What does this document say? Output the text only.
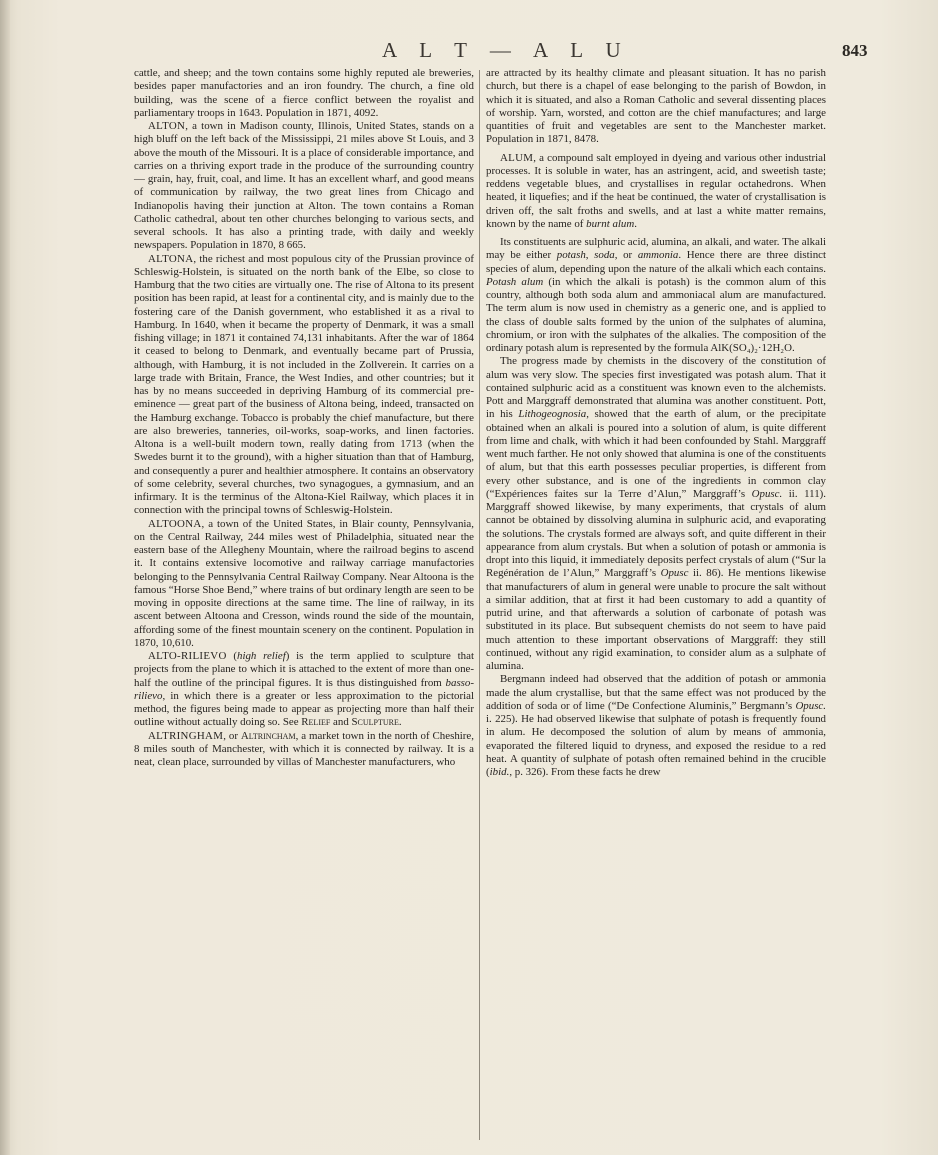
A L T — A L U	843

cattle, and sheep; and the town contains some highly reputed ale breweries, besides paper manufactories and an iron foundry. The church, a fine old building, was the scene of a fierce conflict between the royalist and parliamentary troops in 1643. Population in 1871, 4092.

ALTON, a town in Madison county, Illinois, United States, stands on a high bluff on the left back of the Mississippi, 21 miles above St Louis, and 3 above the mouth of the Missouri. It is a place of considerable importance, and carries on a thriving export trade in the produce of the surrounding country — grain, hay, fruit, coal, and lime. It has an excellent wharf, and good means of communication by railway, the two great lines from Chicago and Indianopolis having their junction at Alton. The town contains a Roman Catholic cathedral, about ten other churches belonging to various sects, and several schools. It has also a printing trade, with daily and weekly newspapers. Population in 1870, 8 665.

ALTONA, the richest and most populous city of the Prussian province of Schleswig-Holstein, is situated on the north bank of the Elbe, so close to Hamburg that the two cities are virtually one. The rise of Altona to its present position has been rapid, at least for a continental city, and is mainly due to the fostering care of the Danish government, who established it as a rival to Hamburg. In 1640, when it became the property of Denmark, it was a small fishing village; in 1871 it contained 74,131 inhabitants. After the war of 1864 it ceased to belong to Denmark, and eventually became part of Prussia, although, with Hamburg, it is not included in the Zollverein. It carries on a large trade with Britain, France, the West Indies, and other countries; but it has by no means succeeded in depriving Hamburg of its commercial pre-eminence — great part of the business of Altona being, indeed, transacted on the Hamburg exchange. Tobacco is probably the chief manufacture, but there are also breweries, tanneries, oil-works, soap-works, and linen factories. Altona is a well-built modern town, really dating from 1713 (when the Swedes burnt it to the ground), with a higher situation than that of Hamburg, and consequently a purer and healthier atmosphere. It contains an observatory of some celebrity, several churches, two synagogues, a gymnasium, and an infirmary. It is the terminus of the Altona-Kiel Railway, which places it in connection with the principal towns of Schleswig-Holstein.

ALTOONA, a town of the United States, in Blair county, Pennsylvania, on the Central Railway, 244 miles west of Philadelphia, situated near the eastern base of the Allegheny Mountain, where the railroad begins to ascend it. It contains extensive locomotive and railway carriage manufactories belonging to the Pennsylvania Central Railway Company. Near Altoona is the famous “Horse Shoe Bend,” where trains of but ordinary length are seen to be moving in opposite directions at the same time. The line of railway, in its ascent between Altoona and Cresson, winds round the side of the mountain, affording some of the finest mountain scenery on the continent. Population in 1870, 10,610.

ALTO-RILIEVO (high relief) is the term applied to sculpture that projects from the plane to which it is attached to the extent of more than one-half the outline of the principal figures. It is thus distinguished from basso-rilievo, in which there is a greater or less approximation to the pictorial method, the figures being made to appear as projecting more than half their outline without actually doing so. See Relief and Sculpture.

ALTRINGHAM, or Altrincham, a market town in the north of Cheshire, 8 miles south of Manchester, with which it is connected by railway. It is a neat, clean place, surrounded by villas of Manchester manufacturers, who

are attracted by its healthy climate and pleasant situation. It has no parish church, but there is a chapel of ease belonging to the parish of Bowdon, in which it is situated, and also a Roman Catholic and several dissenting places of worship. Yarn, worsted, and cotton are the chief manufactures; and large quantities of fruit and vegetables are sent to the Manchester market. Population in 1871, 8478.

ALUM, a compound salt employed in dyeing and various other industrial processes. It is soluble in water, has an astringent, acid, and sweetish taste; reddens vegetable blues, and crystallises in regular octahedrons. When heated, it liquefies; and if the heat be continued, the water of crystallisation is driven off, the salt froths and swells, and at last a white matter remains, known by the name of burnt alum.

Its constituents are sulphuric acid, alumina, an alkali, and water. The alkali may be either potash, soda, or ammonia. Hence there are three distinct species of alum, depending upon the nature of the alkali which each contains. Potash alum (in which the alkali is potash) is the common alum of this country, although both soda alum and ammoniacal alum are manufactured. The term alum is now used in chemistry as a generic one, and is applied to the class of double salts formed by the union of the sulphates of alumina, chromium, or iron with the sulphates of the alkalies. The composition of the ordinary potash alum is represented by the formula AlK(SO₄)₂·12H₂O.

The progress made by chemists in the discovery of the constitution of alum was very slow. The species first investigated was potash alum. That it contained sulphuric acid as a constituent was known even to the alchemists. Pott and Marggraff demonstrated that alumina was another constituent. Pott, in his Lithogeognosia, showed that the earth of alum, or the precipitate obtained when an alkali is poured into a solution of alum, is quite different from lime and chalk, with which it had been confounded by Stahl. Marggraff went much farther. He not only showed that alumina is one of the constituents of alum, but that this earth possesses peculiar properties, is different from every other substance, and is one of the ingredients in common clay (“Expériences faites sur la Terre d’Alun,” Marggraff’s Opusc. ii. 111). Marggraff showed likewise, by many experiments, that crystals of alum cannot be obtained by dissolving alumina in sulphuric acid, and evaporating the solutions. The crystals formed are always soft, and quite different in their appearance from alum crystals. But when a solution of potash or ammonia is dropt into this liquid, it immediately deposits perfect crystals of alum (“Sur la Regénération de l’Alun,” Marggraff’s Opusc ii. 86). He mentions likewise that manufacturers of alum in general were unable to procure the salt without a similar addition, that at first it had been customary to add a quantity of putrid urine, and that afterwards a solution of carbonate of potash was substituted in its place. But subsequent chemists do not seem to have paid much attention to these important observations of Marggraff: they still continued, without any rigid examination, to consider alum as a sulphate of alumina.

Bergmann indeed had observed that the addition of potash or ammonia made the alum crystallise, but that the same effect was not produced by the addition of soda or of lime (“De Confectione Aluminis,” Bergmann’s Opusc. i. 225). He had observed likewise that sulphate of potash is frequently found in alum. He decomposed the solution of alum by means of ammonia, evaporated the filtered liquid to dryness, and exposed the residue to a red heat. A quantity of sulphate of potash often remained behind in the crucible (ibid., p. 326). From these facts he drew
